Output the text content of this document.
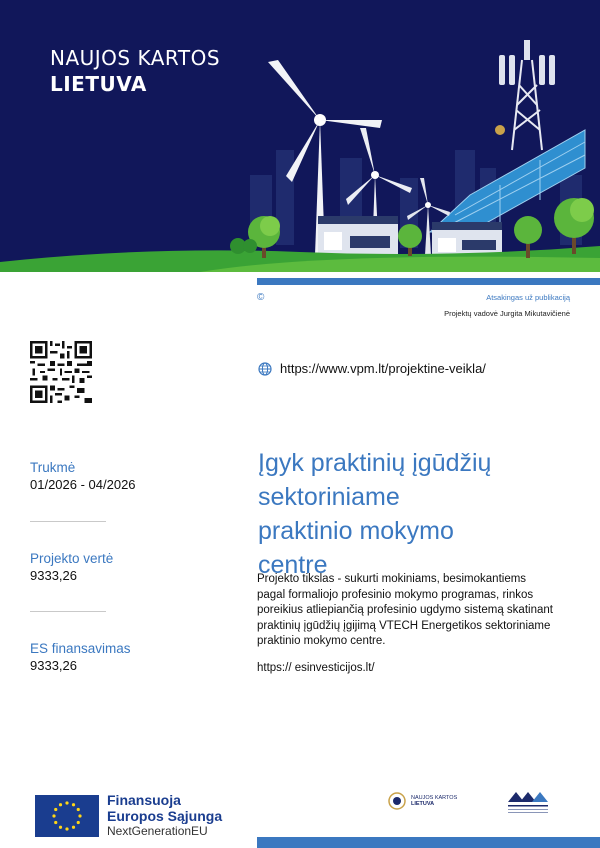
NAUJOS KARTOS
LIETUVA
©	Atsakingas už publikaciją
Projektų vadovė Jurgita Mikutavičienė
https://www.vpm.lt/projektine-veikla/
Trukmė
01/2026 - 04/2026
Projekto vertė
9333,26
ES finansavimas
9333,26
Įgyk praktinių įgūdžių
sektoriniame
praktinio mokymo
centre
Projekto tikslas - sukurti mokiniams, besimokantiems pagal formaliojo profesinio mokymo programas, rinkos poreikius atliepiančią profesinio ugdymo sistemą skatinant praktinių įgūdžių įgijimą VTECH Energetikos sektoriniame praktinio mokymo centre.
https:// esinvesticijos.lt/
Finansuoja
Europos Sąjunga
NextGenerationEU
NAUJOS KARTOS
LIETUVA
